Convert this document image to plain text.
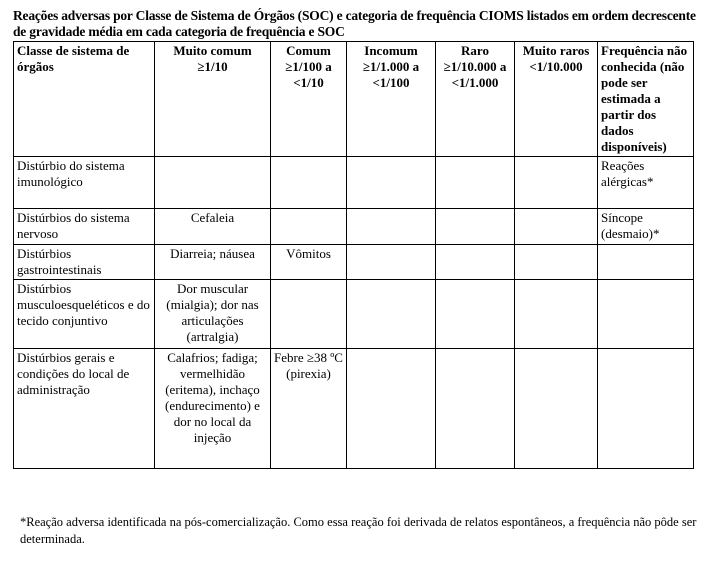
Reações adversas por Classe de Sistema de Órgãos (SOC) e categoria de frequência CIOMS listados em ordem decrescente de gravidade média em cada categoria de frequência e SOC
Classe de sistema de órgãos	Muito comum ≥1/10	Comum ≥1/100 a <1/10	Incomum ≥1/1.000 a <1/100	Raro ≥1/10.000 a <1/1.000	Muito raros <1/10.000	Frequência não conhecida (não pode ser estimada a partir dos dados disponíveis)
Distúrbio do sistema imunológico						Reações alérgicas*
Distúrbios do sistema nervoso	Cefaleia					Síncope (desmaio)*
Distúrbios gastrointestinais	Diarreia; náusea	Vômitos				
Distúrbios musculoesqueléticos e do tecido conjuntivo	Dor muscular (mialgia); dor nas articulações (artralgia)					
Distúrbios gerais e condições do local de administração	Calafrios; fadiga; vermelhidão (eritema), inchaço (endurecimento) e dor no local da injeção	Febre ≥38 ºC (pirexia)				
*Reação adversa identificada na pós-comercialização. Como essa reação foi derivada de relatos espontâneos, a frequência não pôde ser determinada.
